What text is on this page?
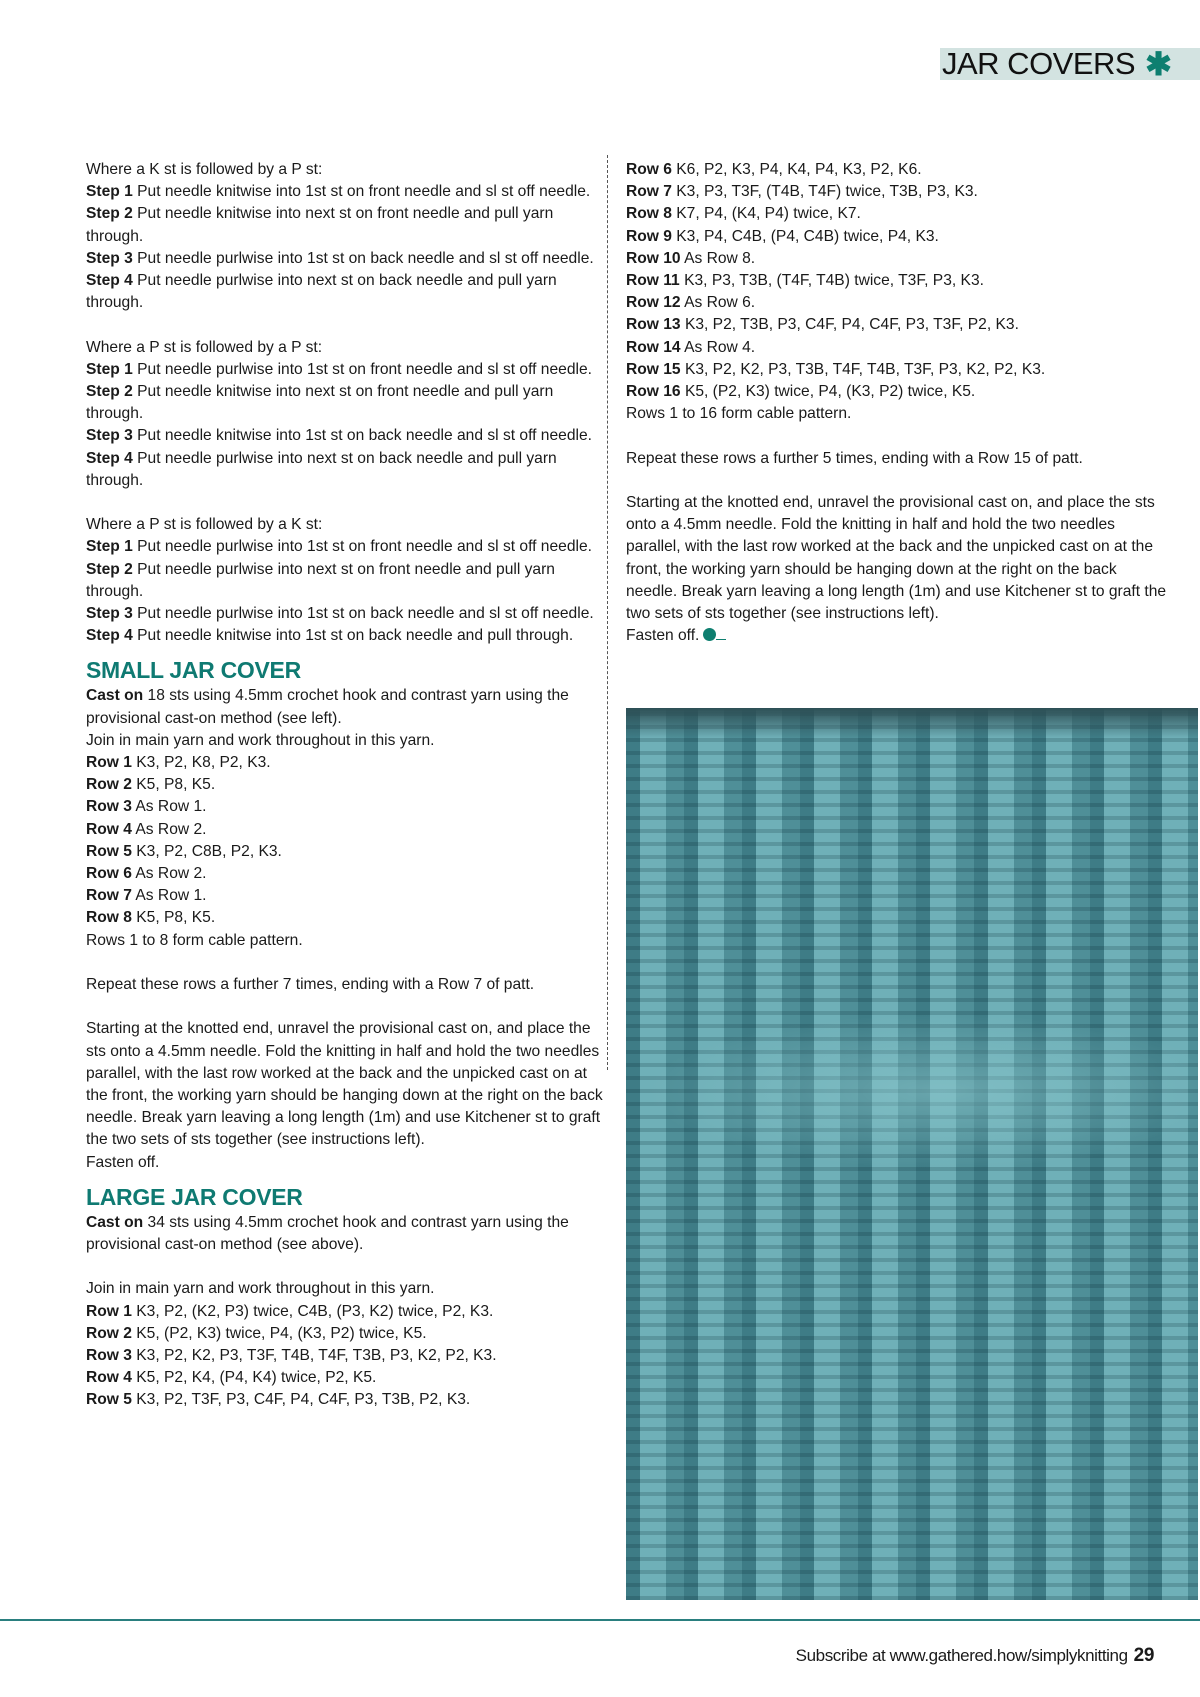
JAR COVERS ✱

Where a K st is followed by a P st:

Step 1 Put needle knitwise into 1st st on front needle and sl st off needle.

Step 2 Put needle knitwise into next st on front needle and pull yarn through.

Step 3 Put needle purlwise into 1st st on back needle and sl st off needle.

Step 4 Put needle purlwise into next st on back needle and pull yarn through.

Where a P st is followed by a P st:

Step 1 Put needle purlwise into 1st st on front needle and sl st off needle.

Step 2 Put needle knitwise into next st on front needle and pull yarn through.

Step 3 Put needle knitwise into 1st st on back needle and sl st off needle.

Step 4 Put needle purlwise into next st on back needle and pull yarn through.

Where a P st is followed by a K st:

Step 1 Put needle purlwise into 1st st on front needle and sl st off needle.

Step 2 Put needle purlwise into next st on front needle and pull yarn through.

Step 3 Put needle purlwise into 1st st on back needle and sl st off needle.

Step 4 Put needle knitwise into 1st st on back needle and pull through.

SMALL JAR COVER

Cast on 18 sts using 4.5mm crochet hook and contrast yarn using the provisional cast-on method (see left).

Join in main yarn and work throughout in this yarn.

Row 1 K3, P2, K8, P2, K3.

Row 2 K5, P8, K5.

Row 3 As Row 1.

Row 4 As Row 2.

Row 5 K3, P2, C8B, P2, K3.

Row 6 As Row 2.

Row 7 As Row 1.

Row 8 K5, P8, K5.

Rows 1 to 8 form cable pattern.

Repeat these rows a further 7 times, ending with a Row 7 of patt.

Starting at the knotted end, unravel the provisional cast on, and place the sts onto a 4.5mm needle. Fold the knitting in half and hold the two needles parallel, with the last row worked at the back and the unpicked cast on at the front, the working yarn should be hanging down at the right on the back needle. Break yarn leaving a long length (1m) and use Kitchener st to graft the two sets of sts together (see instructions left).

Fasten off.

LARGE JAR COVER

Cast on 34 sts using 4.5mm crochet hook and contrast yarn using the provisional cast-on method (see above).

Join in main yarn and work throughout in this yarn.

Row 1 K3, P2, (K2, P3) twice, C4B, (P3, K2) twice, P2, K3.

Row 2 K5, (P2, K3) twice, P4, (K3, P2) twice, K5.

Row 3 K3, P2, K2, P3, T3F, T4B, T4F, T3B, P3, K2, P2, K3.

Row 4 K5, P2, K4, (P4, K4) twice, P2, K5.

Row 5 K3, P2, T3F, P3, C4F, P4, C4F, P3, T3B, P2, K3.

Row 6 K6, P2, K3, P4, K4, P4, K3, P2, K6.

Row 7 K3, P3, T3F, (T4B, T4F) twice, T3B, P3, K3.

Row 8 K7, P4, (K4, P4) twice, K7.

Row 9 K3, P4, C4B, (P4, C4B) twice, P4, K3.

Row 10 As Row 8.

Row 11 K3, P3, T3B, (T4F, T4B) twice, T3F, P3, K3.

Row 12 As Row 6.

Row 13 K3, P2, T3B, P3, C4F, P4, C4F, P3, T3F, P2, K3.

Row 14 As Row 4.

Row 15 K3, P2, K2, P3, T3B, T4F, T4B, T3F, P3, K2, P2, K3.

Row 16 K5, (P2, K3) twice, P4, (K3, P2) twice, K5.

Rows 1 to 16 form cable pattern.

Repeat these rows a further 5 times, ending with a Row 15 of patt.

Starting at the knotted end, unravel the provisional cast on, and place the sts onto a 4.5mm needle. Fold the knitting in half and hold the two needles parallel, with the last row worked at the back and the unpicked cast on at the front, the working yarn should be hanging down at the right on the back needle. Break yarn leaving a long length (1m) and use Kitchener st to graft the two sets of sts together (see instructions left).

Fasten off.

Subscribe at www.gathered.how/simplyknitting 29
